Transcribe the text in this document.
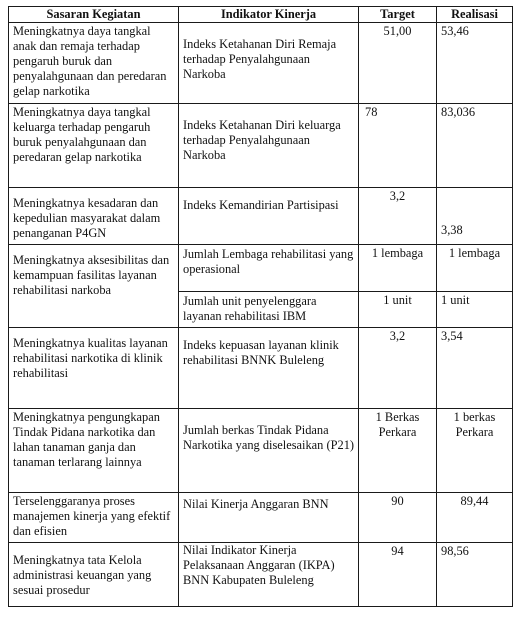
Sasaran Kegiatan	Indikator Kinerja	Target	Realisasi
Meningkatnya daya tangkal anak dan remaja terhadap pengaruh buruk dan penyalahgunaan dan peredaran gelap narkotika	Indeks Ketahanan Diri Remaja terhadap Penyalahgunaan Narkoba	51,00	53,46
Meningkatnya daya tangkal keluarga terhadap pengaruh buruk penyalahgunaan dan peredaran gelap narkotika	Indeks Ketahanan Diri keluarga terhadap Penyalahgunaan Narkoba	78	83,036
Meningkatnya kesadaran dan kepedulian masyarakat dalam penanganan P4GN	Indeks Kemandirian Partisipasi	3,2	3,38
Meningkatnya aksesibilitas dan kemampuan fasilitas layanan rehabilitasi narkoba	Jumlah Lembaga rehabilitasi yang operasional	1 lembaga	1 lembaga
	Jumlah unit penyelenggara layanan rehabilitasi IBM	1 unit	1 unit
Meningkatnya kualitas layanan rehabilitasi narkotika di klinik rehabilitasi	Indeks kepuasan layanan klinik rehabilitasi BNNK Buleleng	3,2	3,54
Meningkatnya pengungkapan Tindak Pidana narkotika dan lahan tanaman ganja dan tanaman terlarang lainnya	Jumlah berkas Tindak Pidana Narkotika yang diselesaikan (P21)	1 Berkas Perkara	1 berkas Perkara
Terselenggaranya proses manajemen kinerja yang efektif dan efisien	Nilai Kinerja Anggaran BNN	90	89,44
Meningkatnya tata Kelola administrasi keuangan yang sesuai prosedur	Nilai Indikator Kinerja Pelaksanaan Anggaran (IKPA) BNN Kabupaten Buleleng	94	98,56
